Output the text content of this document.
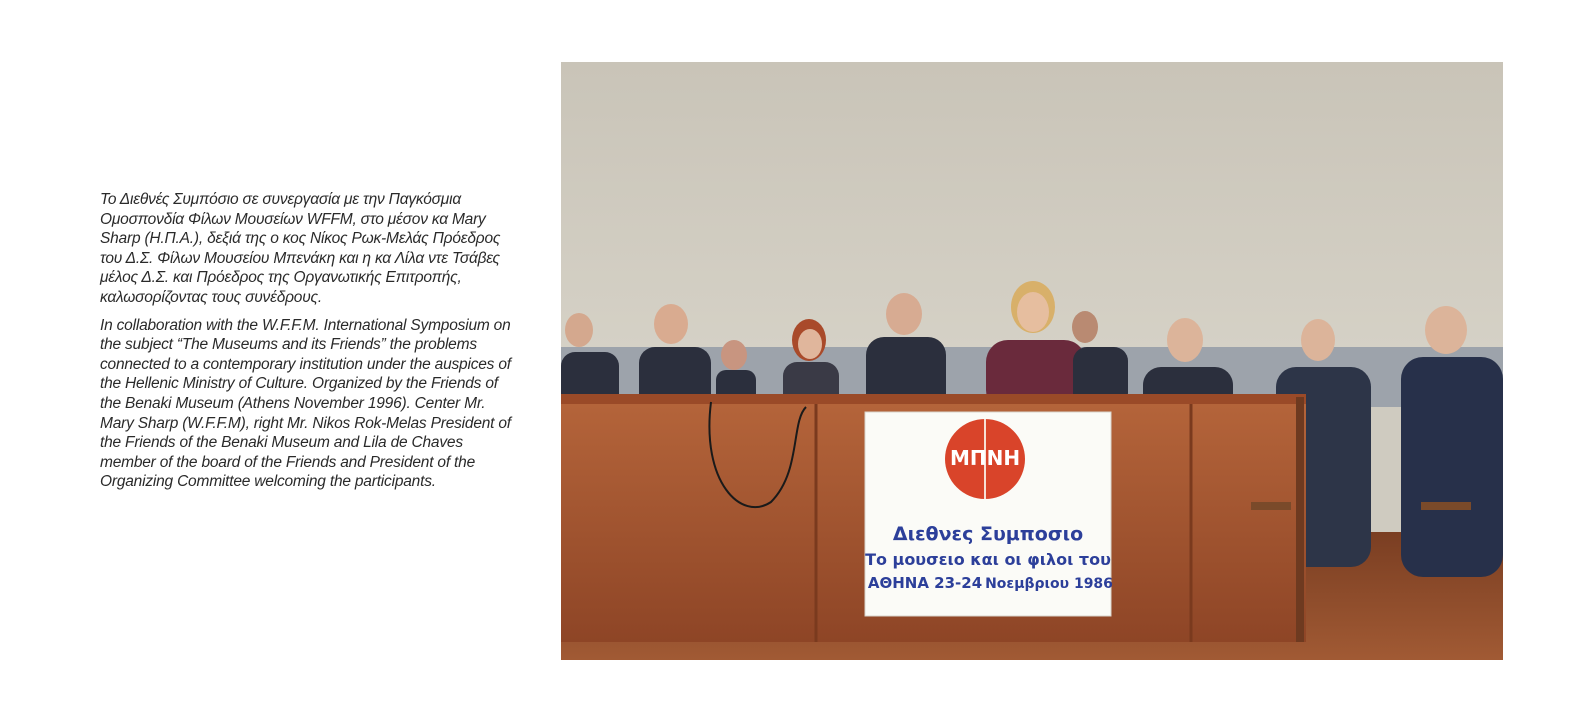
Το Διεθνές Συμπόσιο σε συνεργασία με την Παγκόσμια Ομοσπονδία Φίλων Μουσείων WFFM, στο μέσον κα Mary Sharp (Η.Π.Α.), δεξιά της ο κος Νίκος Ρωκ-Μελάς Πρόεδρος του Δ.Σ. Φίλων Μουσείου Μπενάκη και η κα Λίλα ντε Τσάβες μέλος Δ.Σ. και Πρόεδρος της Οργανωτικής Επιτροπής, καλωσορίζοντας τους συνέδρους.

In collaboration with the W.F.F.M. International Symposium on the subject “The Museums and its Friends” the problems connected to a contemporary institution under the auspices of the Hellenic Ministry of Culture. Organized by the Friends of the Benaki Museum (Athens November 1996). Center Mr. Mary Sharp (W.F.F.M), right Mr. Nikos Rok-Melas President of the Friends of the Benaki Museum and Lila de Chaves member of the board of the Friends and President of the Organizing Committee welcoming the participants.

ΜΠΝΗ
Διεθνες Συμποσιο
Το μουσειο και οι φιλοι του
ΑΘΗΝΑ 23-24 Νοεμβριου 1986
